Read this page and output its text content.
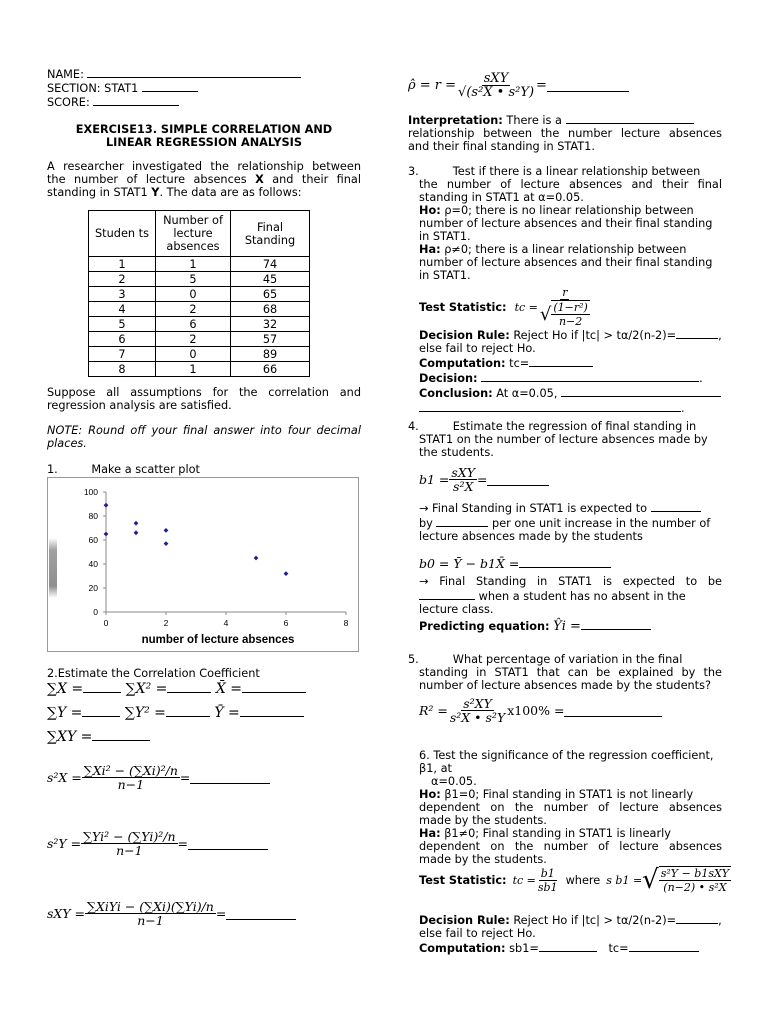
NAME:
SECTION: STAT1
SCORE:
EXERCISE13. SIMPLE CORRELATION AND
LINEAR REGRESSION ANALYSIS
A researcher investigated the relationship between
the number of lecture absences X and their final
standing in STAT1 Y. The data are as follows:
Studen ts	Number of lecture absences	Final Standing
1	1	74
2	5	45
3	0	65
4	2	68
5	6	32
6	2	57
7	0	89
8	1	66
Suppose all assumptions for the correlation and
regression analysis are satisfied.
NOTE: Round off your final answer into four decimal
places.
1.	Make a scatter plot
0
20
40
60
80
100
0	2	4	6	8
number of lecture absences
2.Estimate the Correlation Coefficient
∑X =	∑X² =	X̄ =
∑Y =	∑Y² =	Ȳ =
∑XY =
$s^2X = \frac{\text{∑Xi² − (∑Xi)²/n}}{n-1}$ =
$s^2Y = \frac{\text{∑Yi² − (∑Yi)²/n}}{n-1}$ =
sXY = $\frac{\text{∑XiYi − (∑Xi)(∑Yi)/n}}{n-1}$ =
ρ̂ = $r = \frac{\text{sXY}}{\text{√(s²X • s²Y)}}$ =
Interpretation: There is a
relationship between the number lecture absences
and their final standing in STAT1.
3.	Test if there is a linear relationship between
the number of lecture absences and their final
standing in STAT1 at α=0.05.
Ho: ρ=0; there is no linear relationship between
number of lecture absences and their final standing
in STAT1.
Ha: ρ≠0; there is a linear relationship between
number of lecture absences and their final standing
in STAT1.
Test Statistic: tc = $\frac{r}{√ \frac{\text{(1−r²)}}{n-2}}$
Decision Rule: Reject Ho if |tc| > tα/2(n-2)=	,
else fail to reject Ho.
Computation: tc=
Decision:	.
Conclusion: At α=0.05,
.
4.	Estimate the regression of final standing in
STAT1 on the number of lecture absences made by
the students.
$b1 = \frac{\text{sXY}}{\text{s²X}}$ =
→ Final Standing in STAT1 is expected to
by	per one unit increase in the number of
lecture absences made by the students
b0 = Ȳ − b1X̄ =
→ Final Standing in STAT1 is expected to be
when a student has no absent in the
lecture class.
Predicting equation: Ŷi =
5.	What percentage of variation in the final
standing in STAT1 that can be explained by the
number of lecture absences made by the students?
$R^2 = \frac{\text{s²XY}}{\text{s²X • s²Y}} x100\%$ =
6. Test the significance of the regression coefficient,
β1, at
α=0.05.
Ho: β1=0; Final standing in STAT1 is not linearly
dependent on the number of lecture absences
made by the students.
Ha: β1≠0; Final standing in STAT1 is linearly
dependent on the number of lecture absences
made by the students.
Test Statistic: tc = $\frac{b1}{sb1}$ where s b1 = √ $\frac{\text{s²Y − b1sXY}}{\text{(n−2) • s²X}}$
Decision Rule: Reject Ho if |tc| > tα/2(n-2)=	,
else fail to reject Ho.
Computation: sb1=	tc=
